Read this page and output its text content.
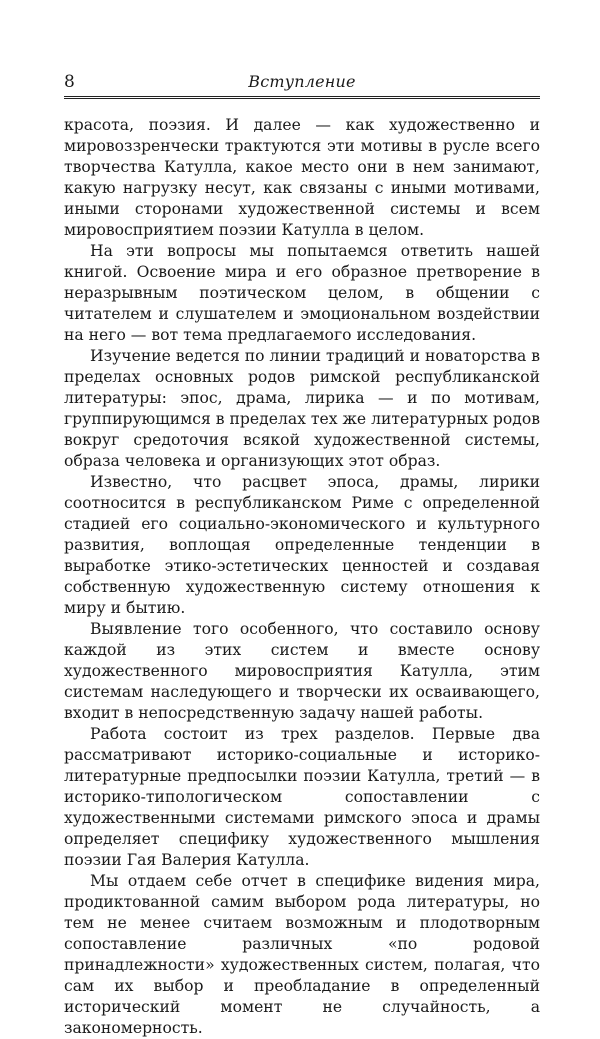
8	Вступление

красота, поэзия. И далее — как художественно и мировоззренчески трактуются эти мотивы в русле всего творчества Катулла, какое место они в нем занимают, какую нагрузку несут, как связаны с иными мотивами, иными сторонами художественной системы и всем мировосприятием поэзии Катулла в целом.

На эти вопросы мы попытаемся ответить нашей книгой. Освоение мира и его образное претворение в неразрывным поэтическом целом, в общении с читателем и слушателем и эмоциональном воздействии на него — вот тема предлагаемого исследования.

Изучение ведется по линии традиций и новаторства в пределах основных родов римской республиканской литературы: эпос, драма, лирика — и по мотивам, группирующимся в пределах тех же литературных родов вокруг средоточия всякой художественной системы, образа человека и организующих этот образ.

Известно, что расцвет эпоса, драмы, лирики соотносится в республиканском Риме с определенной стадией его социально-экономического и культурного развития, воплощая определенные тенденции в выработке этико-эстетических ценностей и создавая собственную художественную систему отношения к миру и бытию.

Выявление того особенного, что составило основу каждой из этих систем и вместе основу художественного мировосприятия Катулла, этим системам наследующего и творчески их осваивающего, входит в непосредственную задачу нашей работы.

Работа состоит из трех разделов. Первые два рассматривают историко-социальные и историко-литературные предпосылки поэзии Катулла, третий — в историко-типологическом сопоставлении с художественными системами римского эпоса и драмы определяет специфику художественного мышления поэзии Гая Валерия Катулла.

Мы отдаем себе отчет в специфике видения мира, продиктованной самим выбором рода литературы, но тем не менее считаем возможным и плодотворным сопоставление различных «по родовой принадлежности» художественных систем, полагая, что сам их выбор и преобладание в определенный исторический момент не случайность, а закономерность.
